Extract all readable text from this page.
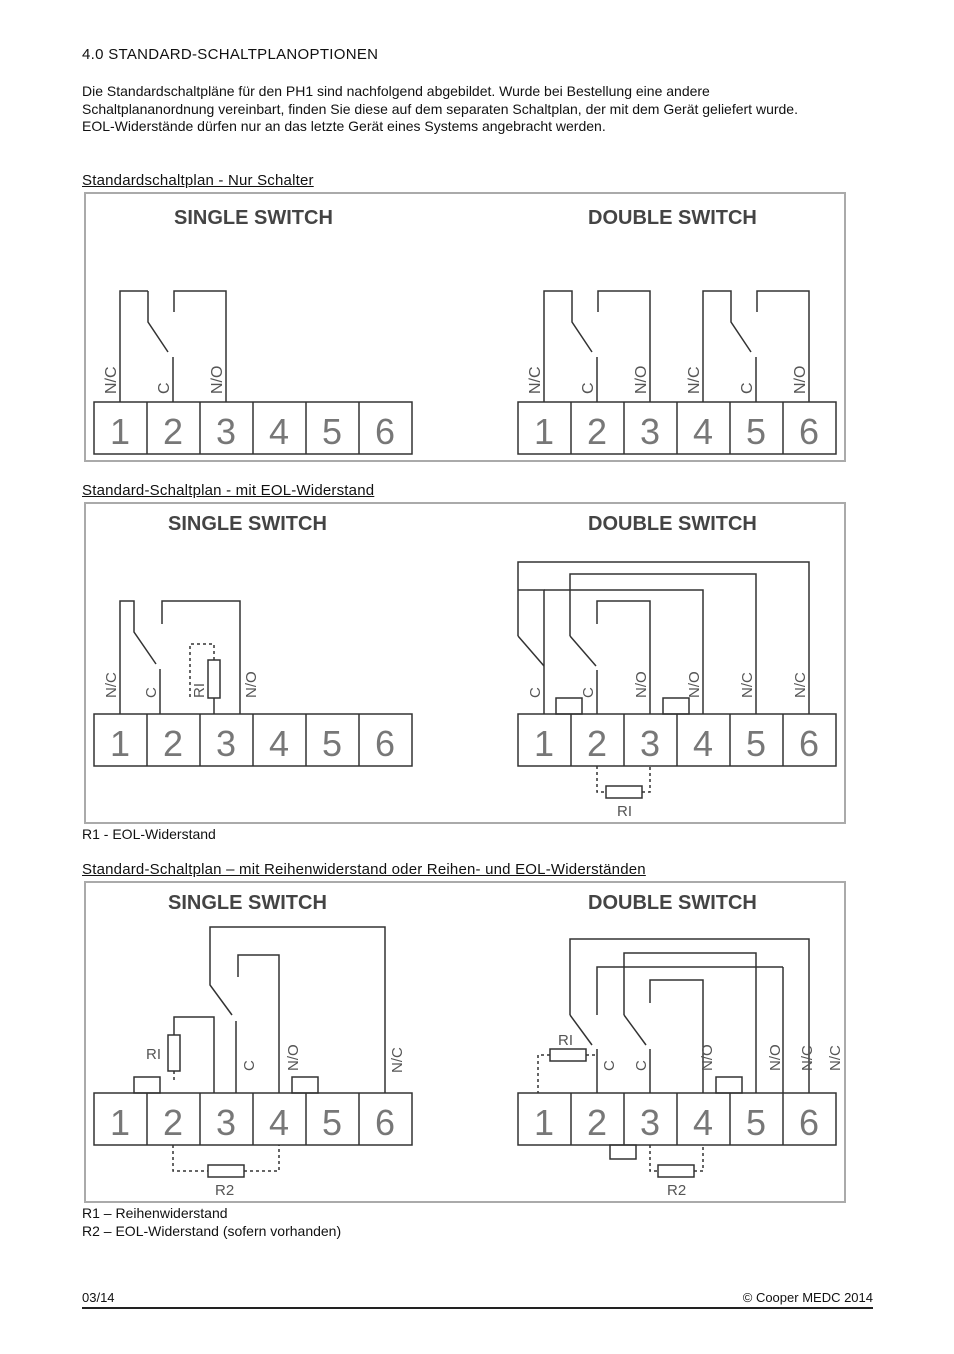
4.0 STANDARD-SCHALTPLANOPTIONEN

Die Standardschaltpläne für den PH1 sind nachfolgend abgebildet. Wurde bei Bestellung eine andere Schaltplananordnung vereinbart, finden Sie diese auf dem separaten Schaltplan, der mit dem Gerät geliefert wurde.

EOL-Widerstände dürfen nur an das letzte Gerät eines Systems angebracht werden.

Standardschaltplan - Nur Schalter
SINGLE SWITCH	DOUBLE SWITCH
N/C C N/O	N/C C N/O N/C C N/O
1 2 3 4 5 6	1 2 3 4 5 6
Standard-Schaltplan - mit EOL-Widerstand
SINGLE SWITCH	DOUBLE SWITCH
N/C C RI N/O	C C N/O N/O N/C N/C
RI
1 2 3 4 5 6	1 2 3 4 5 6
R1 - EOL-Widerstand
Standard-Schaltplan – mit Reihenwiderstand oder Reihen- und EOL-Widerständen
SINGLE SWITCH	DOUBLE SWITCH
RI
C N/O	N/C
R2
RI
C C	N/O	N/O N/C N/C
R2
1 2 3 4 5 6	1 2 3 4 5 6
R1 – Reihenwiderstand
R2 – EOL-Widerstand (sofern vorhanden)
03/14	© Cooper MEDC 2014
